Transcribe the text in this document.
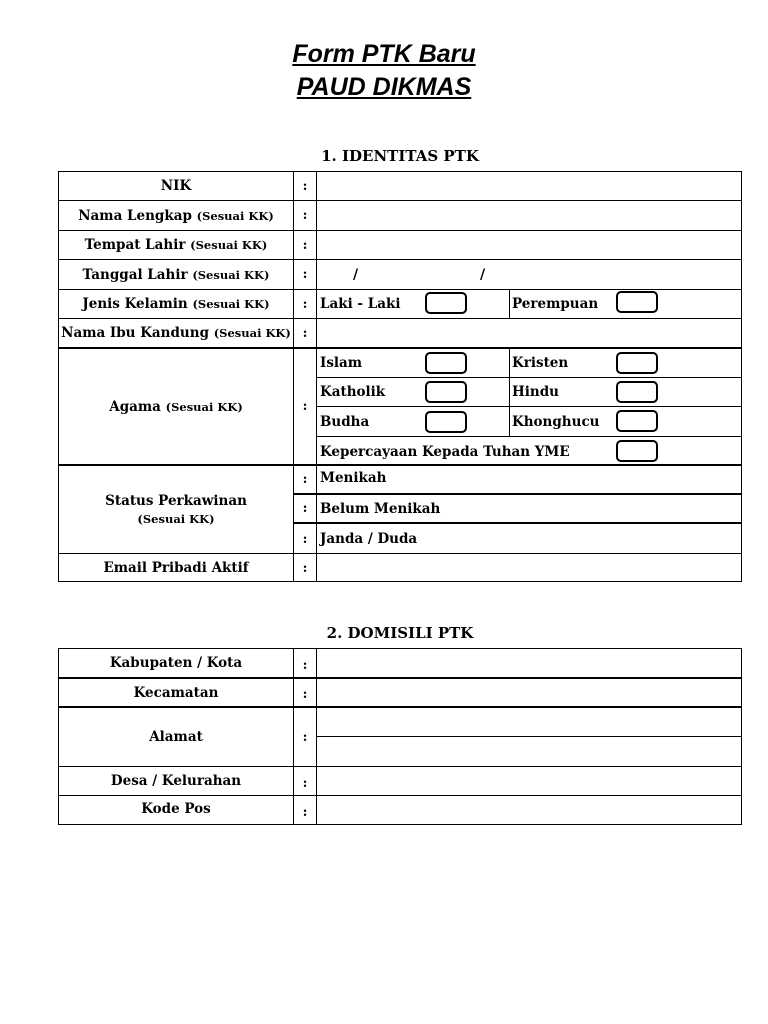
Form PTK Baru
PAUD DIKMAS
1. IDENTITAS PTK
NIK	:
Nama Lengkap (Sesuai KK)	:
Tempat Lahir (Sesuai KK)	:
Tanggal Lahir (Sesuai KK)	:	/	/
Jenis Kelamin (Sesuai KK)	: Laki - Laki	Perempuan
Nama Ibu Kandung (Sesuai KK) :
Agama (Sesuai KK)	:
Islam	Kristen
Katholik	Hindu
Budha	Khonghucu
Kepercayaan Kepada Tuhan YME
Status Perkawinan
(Sesuai KK)
: Menikah
: Belum Menikah
: Janda / Duda
Email Pribadi Aktif	:
2. DOMISILI PTK
Kabupaten / Kota	:
Kecamatan	:
Alamat	:
Desa / Kelurahan	:
Kode Pos	:
